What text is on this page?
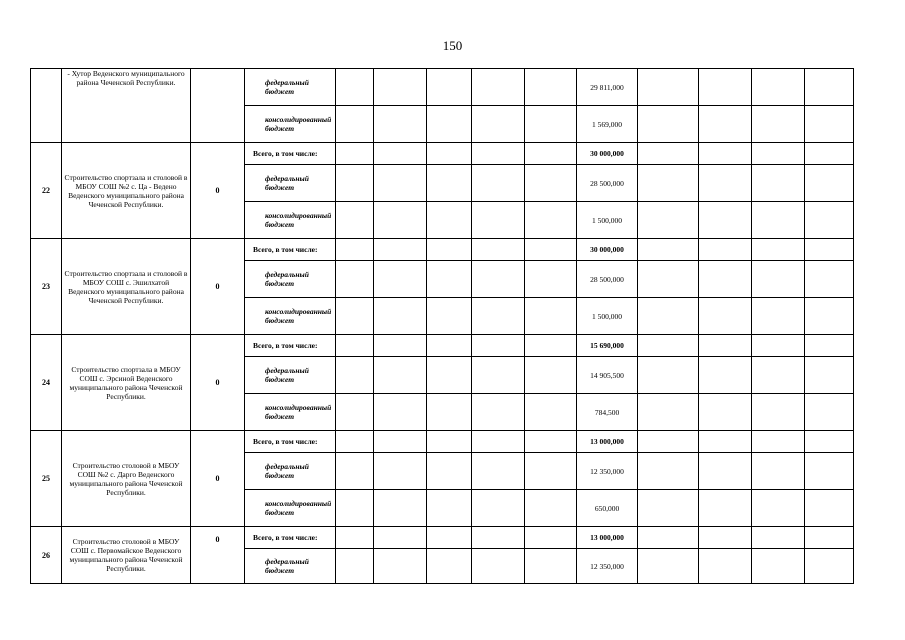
150
	- Хутор Веденского муниципального района Чеченской Республики.		федеральный бюджет						29 811,000				
			консолидированный бюджет						1 569,000				
22	Строительство спортзала и столовой в МБОУ СОШ №2 с. Ца - Ведено Веденского муниципального района Чеченской Республики.	0	Всего, в том числе:						30 000,000				
			федеральный бюджет						28 500,000				
			консолидированный бюджет						1 500,000				
23	Строительство спортзала и столовой в МБОУ СОШ с. Эшилхатой Веденского муниципального района Чеченской Республики.	0	Всего, в том числе:						30 000,000				
			федеральный бюджет						28 500,000				
			консолидированный бюджет						1 500,000				
24	Строительство спортзала в МБОУ СОШ с. Эрсиной Веденского муниципального района Чеченской Республики.	0	Всего, в том числе:						15 690,000				
			федеральный бюджет						14 905,500				
			консолидированный бюджет						784,500				
25	Строительство столовой в МБОУ СОШ №2 с. Дарго Веденского муниципального района Чеченской Республики.	0	Всего, в том числе:						13 000,000				
			федеральный бюджет						12 350,000				
			консолидированный бюджет						650,000				
26	Строительство столовой в МБОУ СОШ с. Первомайское Веденского муниципального района Чеченской Республики.	0	Всего, в том числе:						13 000,000				
			федеральный бюджет						12 350,000				
